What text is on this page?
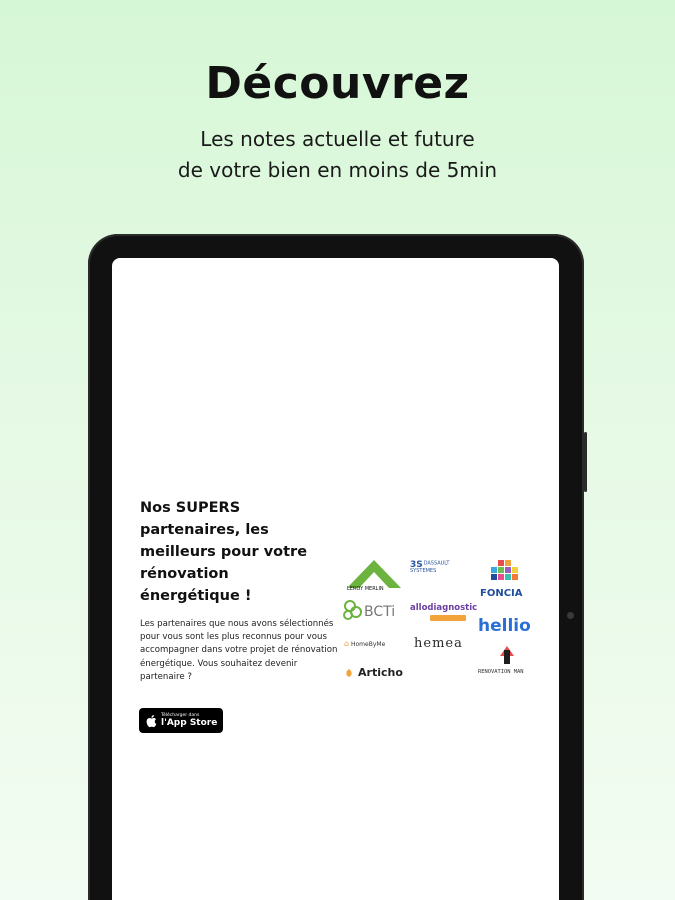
Découvrez
Les notes actuelle et future
de votre bien en moins de 5min
Nos SUPERS partenaires, les meilleurs pour votre rénovation énergétique !
Les partenaires que nous avons sélectionnés pour vous sont les plus reconnus pour vous accompagner dans votre projet de rénovation énergétique. Vous souhaitez devenir partenaire ?
Télécharger dans
l'App Store
LEROY MERLIN
3S DASSAULT SYSTEMES
FONCIA
BCTi allodiagnostic
hellio
⌂ HomeByMe hemea
RENOVATION MAN
Articho
